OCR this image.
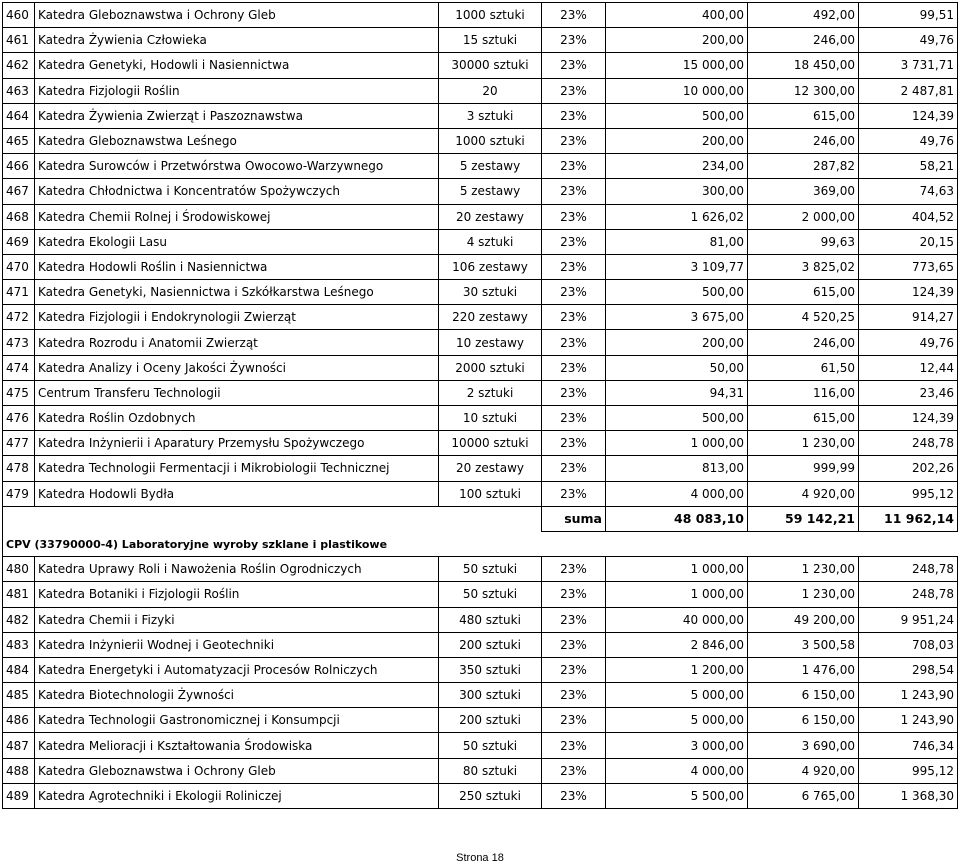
460	Katedra Gleboznawstwa i Ochrony Gleb	1000 sztuki	23%	400,00	492,00	99,51
461	Katedra Żywienia Człowieka	15 sztuki	23%	200,00	246,00	49,76
462	Katedra Genetyki, Hodowli i Nasiennictwa	30000 sztuki	23%	15 000,00	18 450,00	3 731,71
463	Katedra Fizjologii Roślin	20	23%	10 000,00	12 300,00	2 487,81
464	Katedra Żywienia Zwierząt i Paszoznawstwa	3 sztuki	23%	500,00	615,00	124,39
465	Katedra Gleboznawstwa Leśnego	1000 sztuki	23%	200,00	246,00	49,76
466	Katedra Surowców i Przetwórstwa Owocowo-Warzywnego	5 zestawy	23%	234,00	287,82	58,21
467	Katedra Chłodnictwa i Koncentratów Spożywczych	5 zestawy	23%	300,00	369,00	74,63
468	Katedra Chemii Rolnej i Środowiskowej	20 zestawy	23%	1 626,02	2 000,00	404,52
469	Katedra Ekologii Lasu	4 sztuki	23%	81,00	99,63	20,15
470	Katedra Hodowli Roślin i Nasiennictwa	106 zestawy	23%	3 109,77	3 825,02	773,65
471	Katedra Genetyki, Nasiennictwa i Szkółkarstwa Leśnego	30 sztuki	23%	500,00	615,00	124,39
472	Katedra Fizjologii i Endokrynologii Zwierząt	220 zestawy	23%	3 675,00	4 520,25	914,27
473	Katedra Rozrodu i Anatomii Zwierząt	10 zestawy	23%	200,00	246,00	49,76
474	Katedra Analizy i Oceny Jakości Żywności	2000 sztuki	23%	50,00	61,50	12,44
475	Centrum Transferu Technologii	2 sztuki	23%	94,31	116,00	23,46
476	Katedra Roślin Ozdobnych	10 sztuki	23%	500,00	615,00	124,39
477	Katedra Inżynierii i Aparatury Przemysłu Spożywczego	10000 sztuki	23%	1 000,00	1 230,00	248,78
478	Katedra Technologii Fermentacji i Mikrobiologii Technicznej	20 zestawy	23%	813,00	999,99	202,26
479	Katedra Hodowli Bydła	100 sztuki	23%	4 000,00	4 920,00	995,12
			suma	48 083,10	59 142,21	11 962,14
CPV (33790000-4) Laboratoryjne wyroby szklane i plastikowe						
480	Katedra Uprawy Roli i Nawożenia Roślin Ogrodniczych	50 sztuki	23%	1 000,00	1 230,00	248,78
481	Katedra Botaniki i Fizjologii Roślin	50 sztuki	23%	1 000,00	1 230,00	248,78
482	Katedra Chemii i Fizyki	480 sztuki	23%	40 000,00	49 200,00	9 951,24
483	Katedra Inżynierii Wodnej i Geotechniki	200 sztuki	23%	2 846,00	3 500,58	708,03
484	Katedra Energetyki i Automatyzacji Procesów Rolniczych	350 sztuki	23%	1 200,00	1 476,00	298,54
485	Katedra Biotechnologii Żywności	300 sztuki	23%	5 000,00	6 150,00	1 243,90
486	Katedra Technologii Gastronomicznej i Konsumpcji	200 sztuki	23%	5 000,00	6 150,00	1 243,90
487	Katedra Melioracji i Kształtowania Środowiska	50 sztuki	23%	3 000,00	3 690,00	746,34
488	Katedra Gleboznawstwa i Ochrony Gleb	80 sztuki	23%	4 000,00	4 920,00	995,12
489	Katedra Agrotechniki i Ekologii Roliniczej	250 sztuki	23%	5 500,00	6 765,00	1 368,30
Strona 18
